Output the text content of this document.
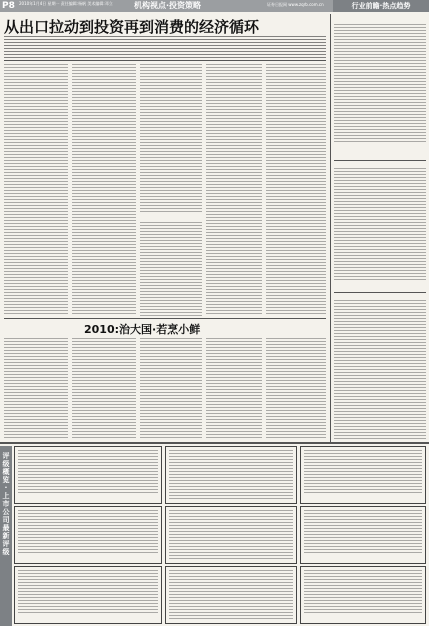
P8 2010年1月4日 星期一 责任编辑:杨帆 美术编辑:邓立	机构视点·投资策略	证券日报网 www.zqrb.com.cn	行业前瞻·热点趋势
从出口拉动到投资再到消费的经济循环
2010:治大国·若烹小鲜
评级概览·上市公司最新评级
